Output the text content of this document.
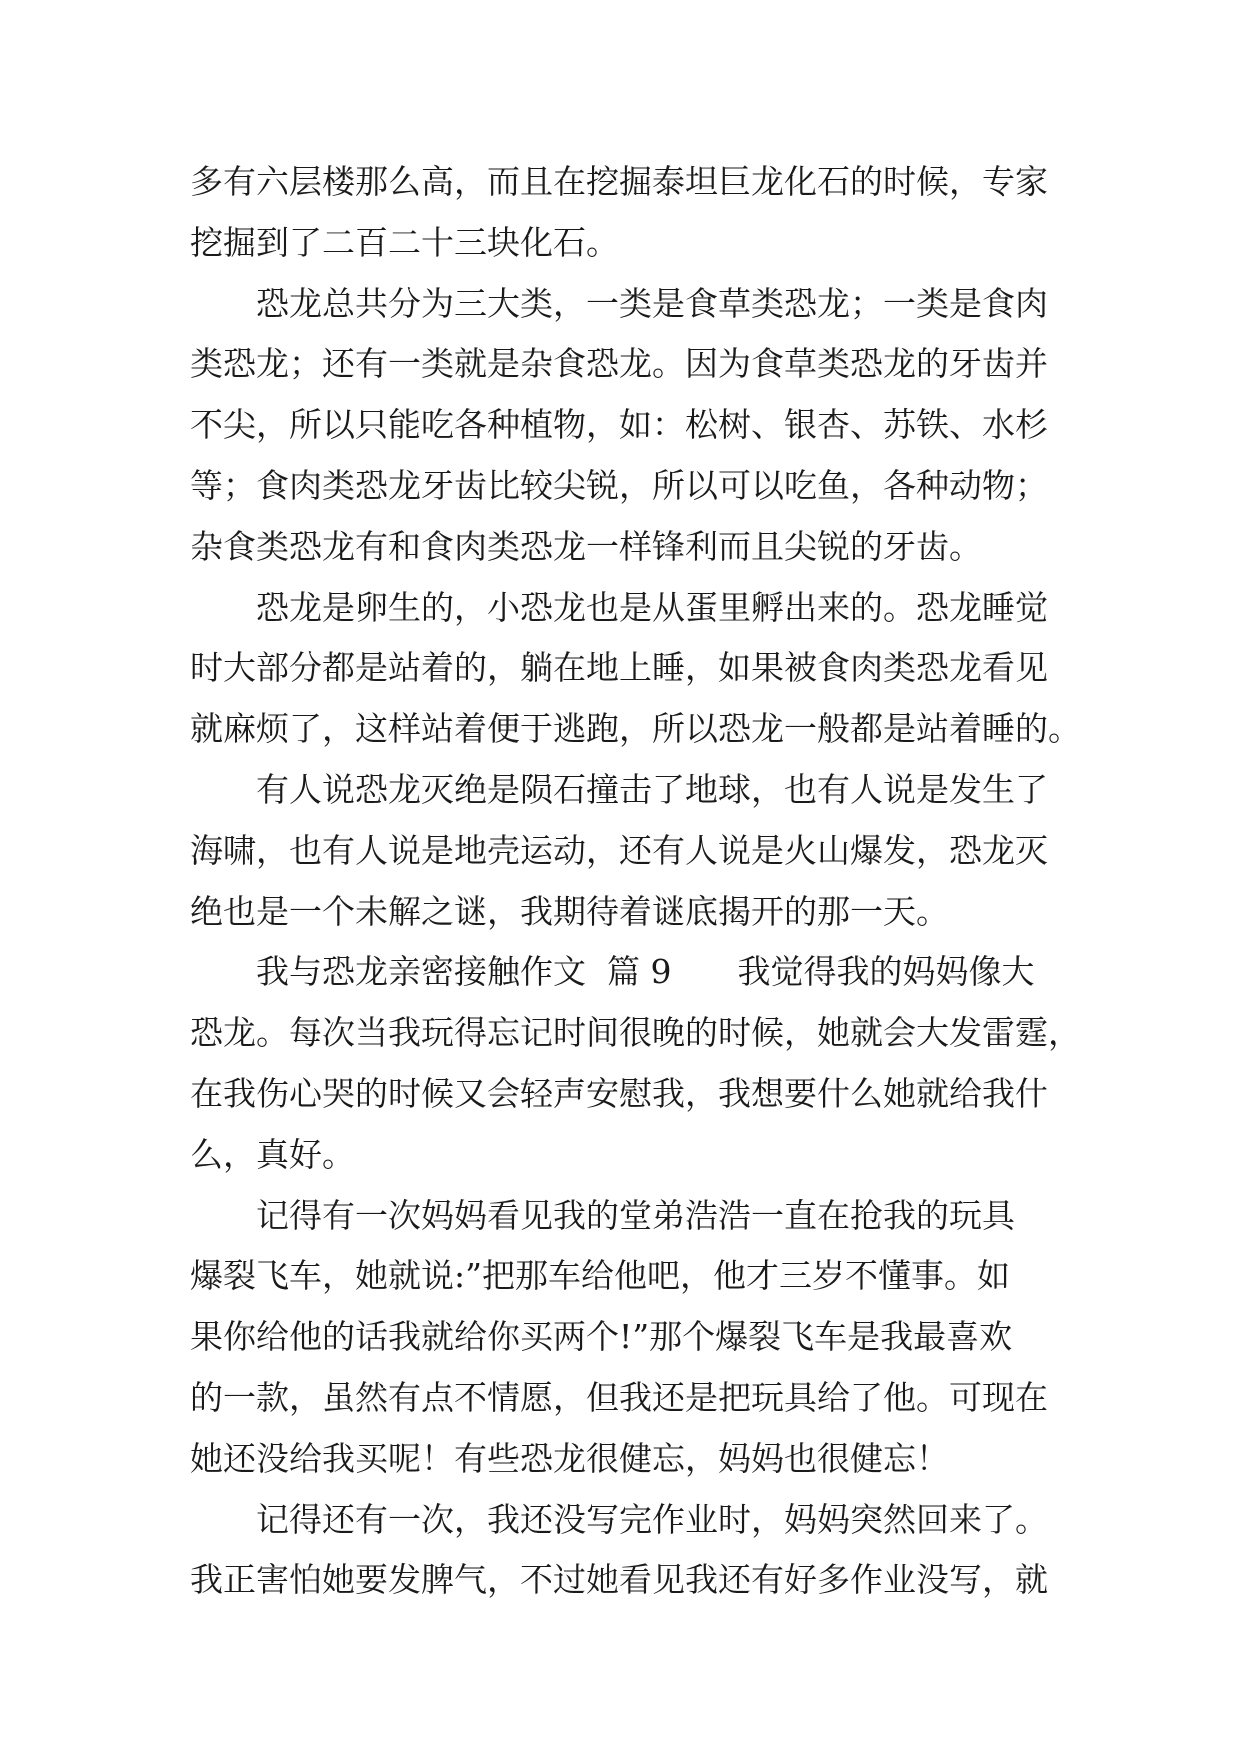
多有六层楼那么高，而且在挖掘泰坦巨龙化石的时候，专家
挖掘到了二百二十三块化石。
　　恐龙总共分为三大类，一类是食草类恐龙；一类是食肉
类恐龙；还有一类就是杂食恐龙。因为食草类恐龙的牙齿并
不尖，所以只能吃各种植物，如：松树、银杏、苏铁、水杉
等；食肉类恐龙牙齿比较尖锐，所以可以吃鱼，各种动物；
杂食类恐龙有和食肉类恐龙一样锋利而且尖锐的牙齿。
　　恐龙是卵生的，小恐龙也是从蛋里孵出来的。恐龙睡觉
时大部分都是站着的，躺在地上睡，如果被食肉类恐龙看见
就麻烦了，这样站着便于逃跑，所以恐龙一般都是站着睡的。
　　有人说恐龙灭绝是陨石撞击了地球，也有人说是发生了
海啸，也有人说是地壳运动，还有人说是火山爆发，恐龙灭
绝也是一个未解之谜，我期待着谜底揭开的那一天。
　　我与恐龙亲密接触作文  篇 9　　我觉得我的妈妈像大
恐龙。每次当我玩得忘记时间很晚的时候，她就会大发雷霆，
在我伤心哭的时候又会轻声安慰我，我想要什么她就给我什
么，真好。
　　记得有一次妈妈看见我的堂弟浩浩一直在抢我的玩具
爆裂飞车，她就说:”把那车给他吧，他才三岁不懂事。如
果你给他的话我就给你买两个!”那个爆裂飞车是我最喜欢
的一款，虽然有点不情愿，但我还是把玩具给了他。可现在
她还没给我买呢！有些恐龙很健忘，妈妈也很健忘！
　　记得还有一次，我还没写完作业时，妈妈突然回来了。
我正害怕她要发脾气，不过她看见我还有好多作业没写，就
